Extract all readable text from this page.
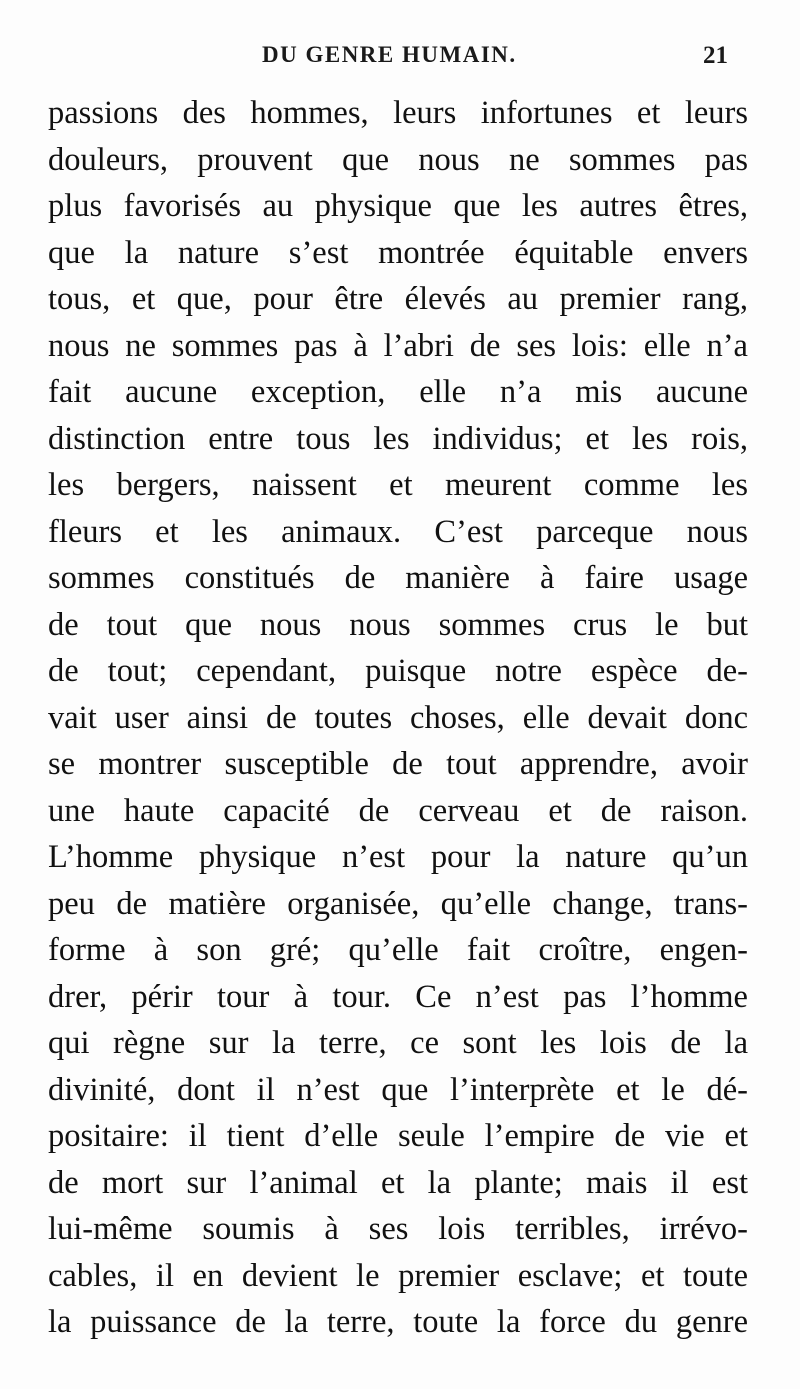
DU GENRE HUMAIN.	21
passions des hommes, leurs infortunes et leurs
douleurs, prouvent que nous ne sommes pas
plus favorisés au physique que les autres êtres,
que la nature s’est montrée équitable envers
tous, et que, pour être élevés au premier rang,
nous ne sommes pas à l’abri de ses lois: elle n’a
fait aucune exception, elle n’a mis aucune
distinction entre tous les individus; et les rois,
les bergers, naissent et meurent comme les
fleurs et les animaux. C’est parceque nous
sommes constitués de manière à faire usage
de tout que nous nous sommes crus le but
de tout; cependant, puisque notre espèce de-
vait user ainsi de toutes choses, elle devait donc
se montrer susceptible de tout apprendre, avoir
une haute capacité de cerveau et de raison.
L’homme physique n’est pour la nature qu’un
peu de matière organisée, qu’elle change, trans-
forme à son gré; qu’elle fait croître, engen-
drer, périr tour à tour. Ce n’est pas l’homme
qui règne sur la terre, ce sont les lois de la
divinité, dont il n’est que l’interprète et le dé-
positaire: il tient d’elle seule l’empire de vie et
de mort sur l’animal et la plante; mais il est
lui-même soumis à ses lois terribles, irrévo-
cables, il en devient le premier esclave; et toute
la puissance de la terre, toute la force du genre
